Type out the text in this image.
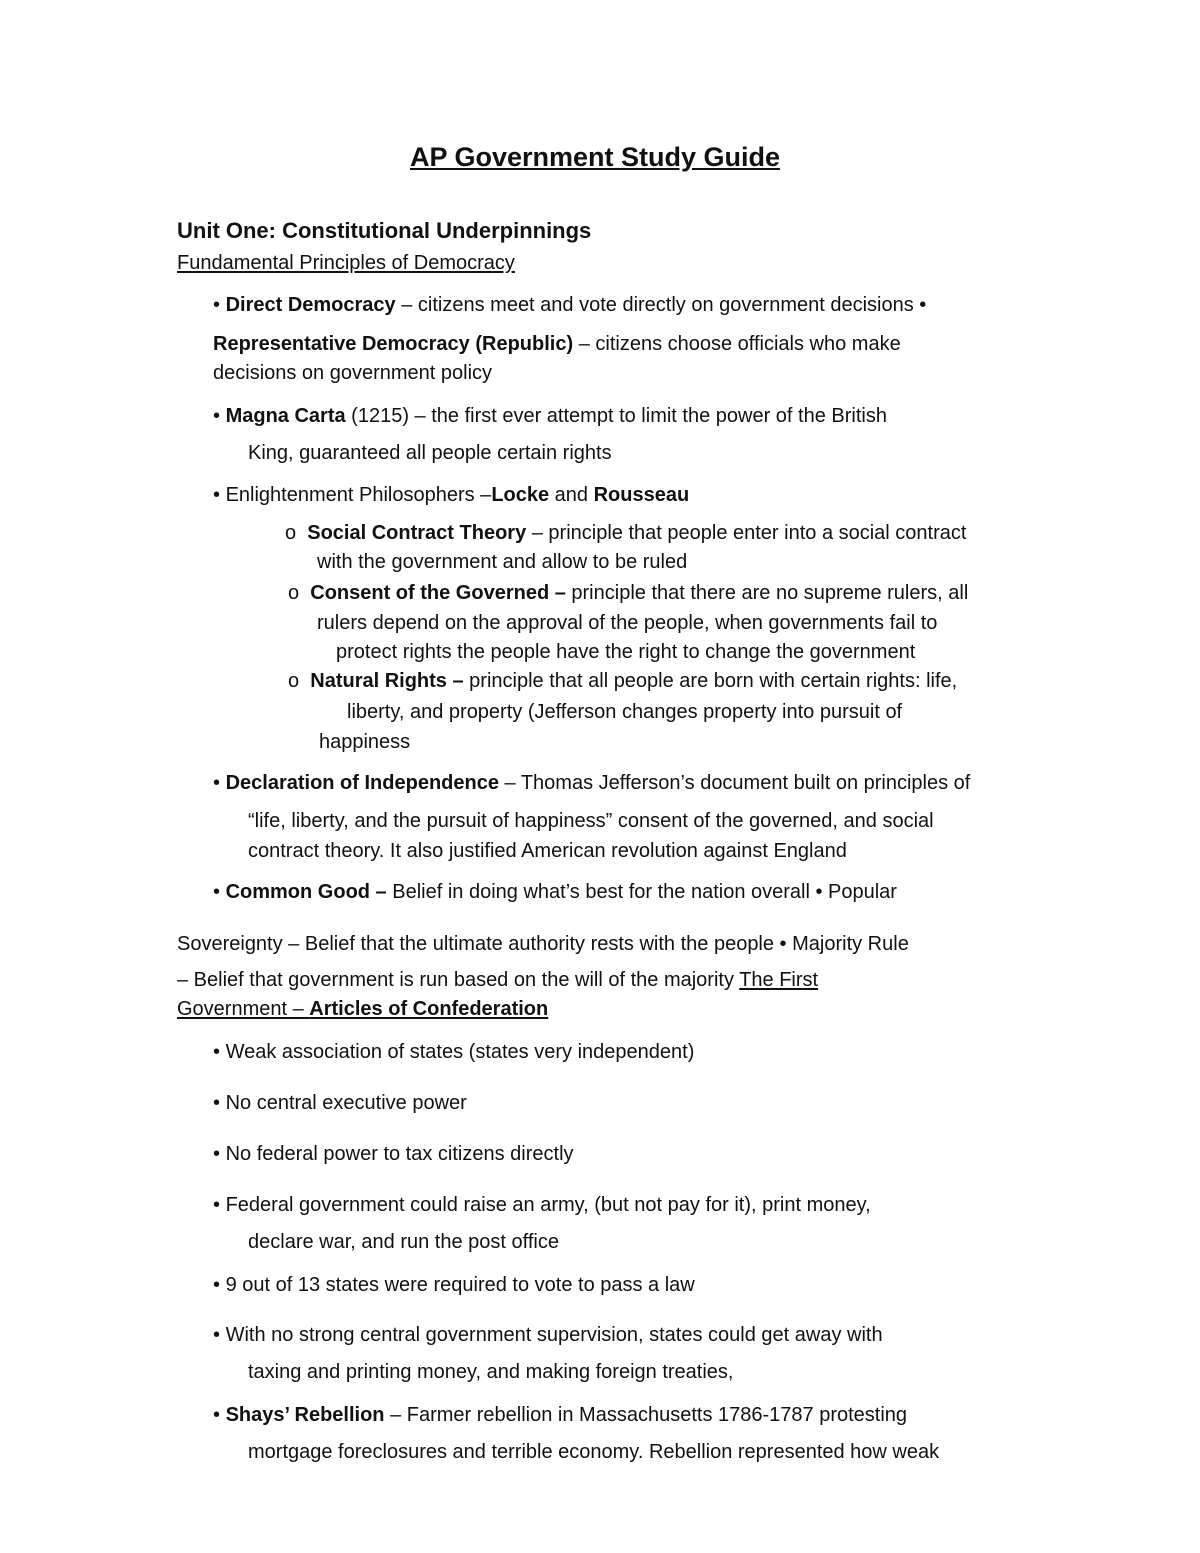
AP Government Study Guide
Unit One: Constitutional Underpinnings
Fundamental Principles of Democracy
• Direct Democracy – citizens meet and vote directly on government decisions •
Representative Democracy (Republic) – citizens choose officials who make
decisions on government policy
• Magna Carta (1215) – the first ever attempt to limit the power of the British
King, guaranteed all people certain rights
• Enlightenment Philosophers –Locke and Rousseau
o Social Contract Theory – principle that people enter into a social contract
with the government and allow to be ruled
o Consent of the Governed – principle that there are no supreme rulers, all
rulers depend on the approval of the people, when governments fail to
protect rights the people have the right to change the government
o Natural Rights – principle that all people are born with certain rights: life,
liberty, and property (Jefferson changes property into pursuit of
happiness
• Declaration of Independence – Thomas Jefferson’s document built on principles of
“life, liberty, and the pursuit of happiness” consent of the governed, and social
contract theory. It also justified American revolution against England
• Common Good – Belief in doing what’s best for the nation overall • Popular
Sovereignty – Belief that the ultimate authority rests with the people • Majority Rule
– Belief that government is run based on the will of the majority The First
Government – Articles of Confederation
• Weak association of states (states very independent)
• No central executive power
• No federal power to tax citizens directly
• Federal government could raise an army, (but not pay for it), print money,
declare war, and run the post office
• 9 out of 13 states were required to vote to pass a law
• With no strong central government supervision, states could get away with
taxing and printing money, and making foreign treaties,
• Shays’ Rebellion – Farmer rebellion in Massachusetts 1786-1787 protesting
mortgage foreclosures and terrible economy. Rebellion represented how weak
